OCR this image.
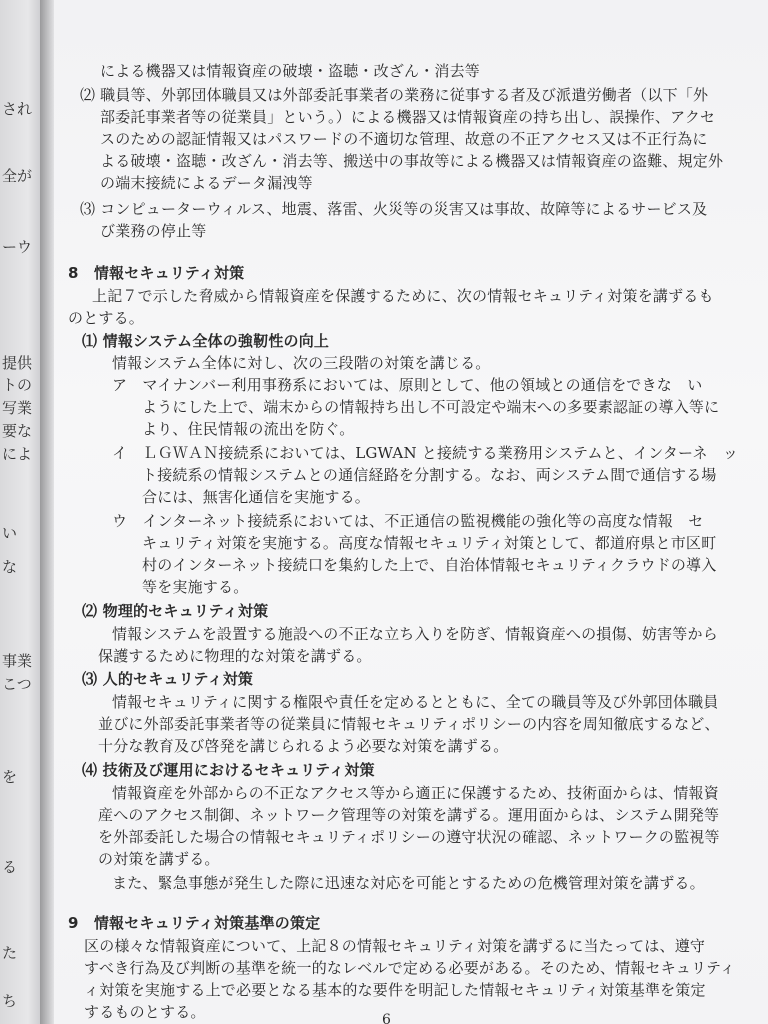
され
全が
ーウ
提供
トの
写業
要な
によ
い
な
事業
こつ
を
る
た
ち
による機器又は情報資産の破壊・盗聴・改ざん・消去等
⑵ 職員等、外郭団体職員又は外部委託事業者の業務に従事する者及び派遣労働者（以下「外
部委託事業者等の従業員」という。）による機器又は情報資産の持ち出し、誤操作、アクセ
スのための認証情報又はパスワードの不適切な管理、故意の不正アクセス又は不正行為に
よる破壊・盗聴・改ざん・消去等、搬送中の事故等による機器又は情報資産の盗難、規定外
の端末接続によるデータ漏洩等
⑶ コンピューターウィルス、地震、落雷、火災等の災害又は事故、故障等によるサービス及
び業務の停止等
8　情報セキュリティ対策
上記７で示した脅威から情報資産を保護するために、次の情報セキュリティ対策を講ずるも
のとする。
⑴ 情報システム全体の強靭性の向上
情報システム全体に対し、次の三段階の対策を講じる。
ア　マイナンバー利用事務系においては、原則として、他の領域との通信をできな　い
ようにした上で、端末からの情報持ち出し不可設定や端末への多要素認証の導入等に
より、住民情報の流出を防ぐ。
イ　ＬＧＷＡＮ接続系においては、LGWAN と接続する業務用システムと、インターネ　ッ
ト接続系の情報システムとの通信経路を分割する。なお、両システム間で通信する場
合には、無害化通信を実施する。
ウ　インターネット接続系においては、不正通信の監視機能の強化等の高度な情報　セ
キュリティ対策を実施する。高度な情報セキュリティ対策として、都道府県と市区町
村のインターネット接続口を集約した上で、自治体情報セキュリティクラウドの導入
等を実施する。
⑵ 物理的セキュリティ対策
情報システムを設置する施設への不正な立ち入りを防ぎ、情報資産への損傷、妨害等から
保護するために物理的な対策を講ずる。
⑶ 人的セキュリティ対策
情報セキュリティに関する権限や責任を定めるとともに、全ての職員等及び外郭団体職員
並びに外部委託事業者等の従業員に情報セキュリティポリシーの内容を周知徹底するなど、
十分な教育及び啓発を講じられるよう必要な対策を講ずる。
⑷ 技術及び運用におけるセキュリティ対策
情報資産を外部からの不正なアクセス等から適正に保護するため、技術面からは、情報資
産へのアクセス制御、ネットワーク管理等の対策を講ずる。運用面からは、システム開発等
を外部委託した場合の情報セキュリティポリシーの遵守状況の確認、ネットワークの監視等
の対策を講ずる。
また、緊急事態が発生した際に迅速な対応を可能とするための危機管理対策を講ずる。
9　情報セキュリティ対策基準の策定
区の様々な情報資産について、上記８の情報セキュリティ対策を講ずるに当たっては、遵守
すべき行為及び判断の基準を統一的なレベルで定める必要がある。そのため、情報セキュリティ
ィ対策を実施する上で必要となる基本的な要件を明記した情報セキュリティ対策基準を策定
するものとする。	6
